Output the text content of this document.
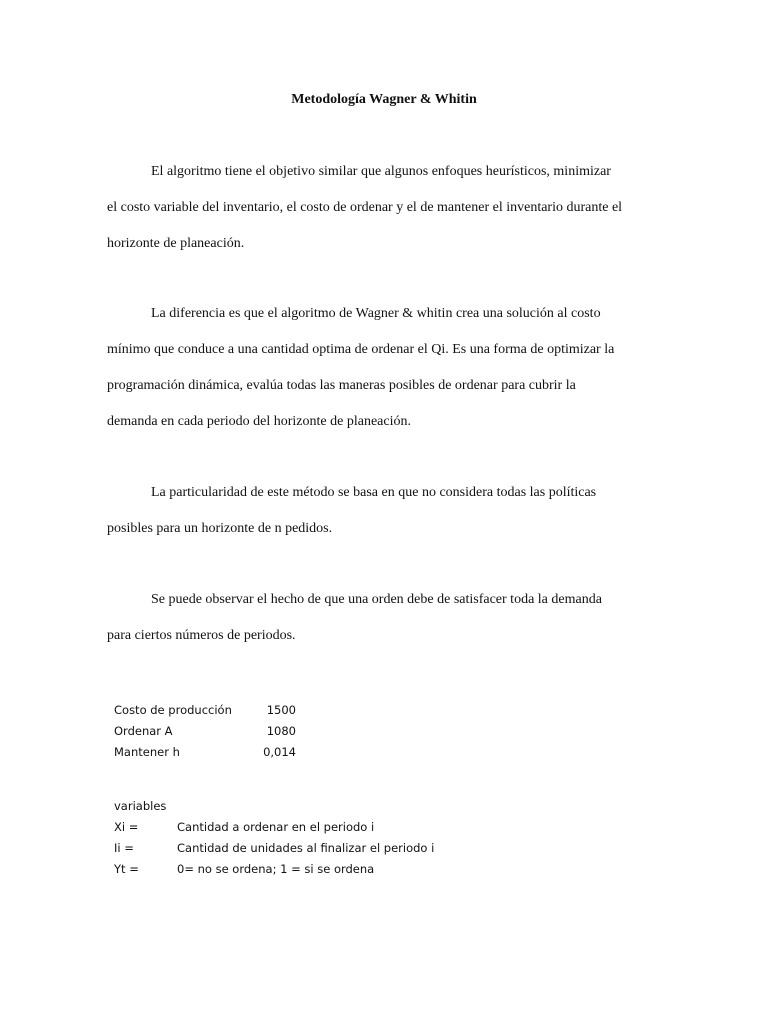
Metodología Wagner & Whitin
El algoritmo tiene el objetivo similar que algunos enfoques heurísticos, minimizar
el costo variable del inventario, el costo de ordenar y el de mantener el inventario durante el
horizonte de planeación.
La diferencia es que el algoritmo de Wagner & whitin crea una solución al costo
mínimo que conduce a una cantidad optima de ordenar el Qi. Es una forma de optimizar la
programación dinámica, evalúa todas las maneras posibles de ordenar para cubrir la
demanda en cada periodo del horizonte de planeación.
La particularidad de este método se basa en que no considera todas las políticas
posibles para un horizonte de n pedidos.
Se puede observar el hecho de que una orden debe de satisfacer toda la demanda
para ciertos números de periodos.
Costo de producción	1500
Ordenar A	1080
Mantener h	0,014
variables
Xi =	Cantidad a ordenar en el periodo i
Ii =	Cantidad de unidades al finalizar el periodo i
Yt =	0= no se ordena; 1 = si se ordena
